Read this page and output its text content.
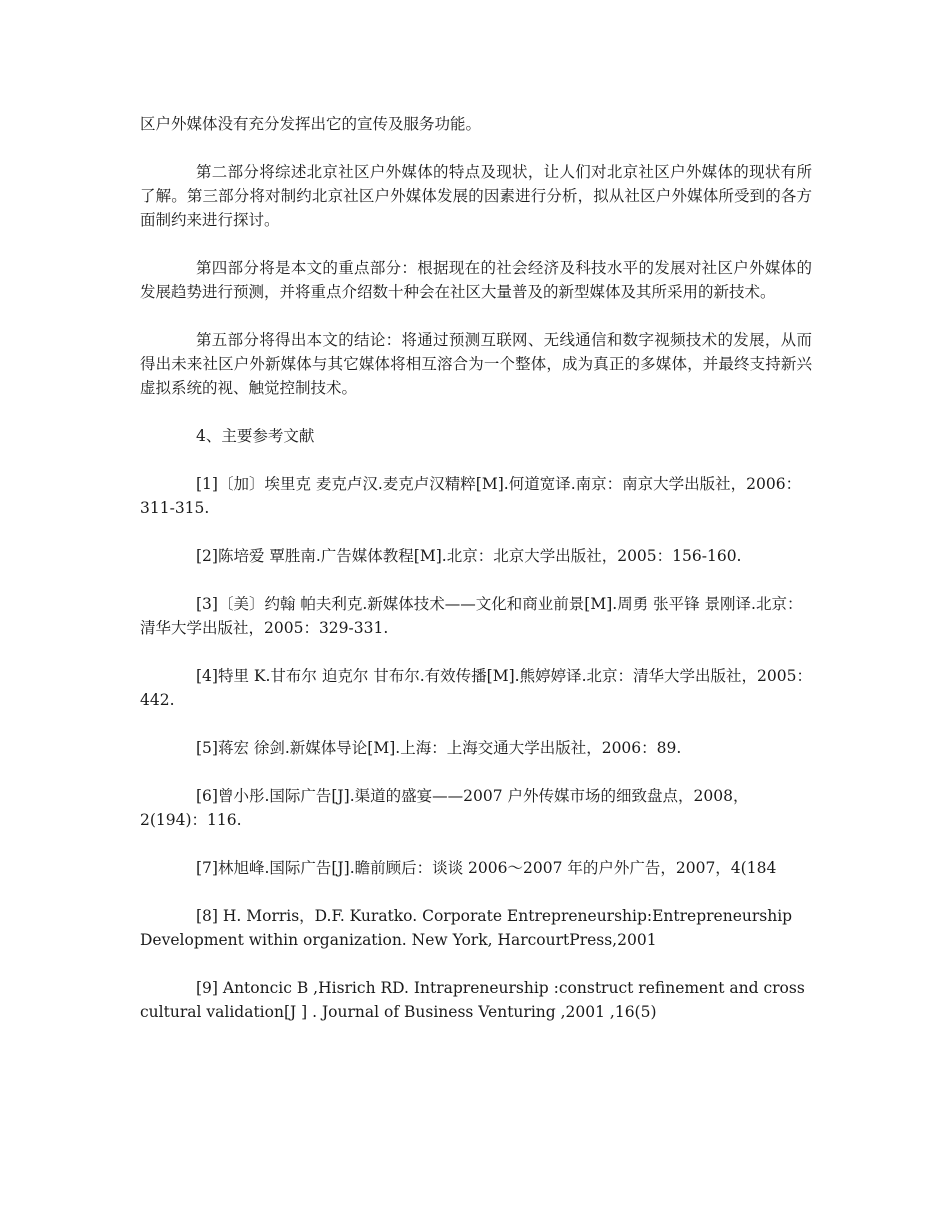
区户外媒体没有充分发挥出它的宣传及服务功能。

第二部分将综述北京社区户外媒体的特点及现状，让人们对北京社区户外媒体的现状有所了解。第三部分将对制约北京社区户外媒体发展的因素进行分析，拟从社区户外媒体所受到的各方面制约来进行探讨。

第四部分将是本文的重点部分：根据现在的社会经济及科技水平的发展对社区户外媒体的发展趋势进行预测，并将重点介绍数十种会在社区大量普及的新型媒体及其所采用的新技术。

第五部分将得出本文的结论：将通过预测互联网、无线通信和数字视频技术的发展，从而得出未来社区户外新媒体与其它媒体将相互溶合为一个整体，成为真正的多媒体，并最终支持新兴虚拟系统的视、触觉控制技术。

4、主要参考文献

[1]〔加〕埃里克 麦克卢汉.麦克卢汉精粹[M].何道宽译.南京：南京大学出版社，2006：311-315.

[2]陈培爱 覃胜南.广告媒体教程[M].北京：北京大学出版社，2005：156-160.

[3]〔美〕约翰 帕夫利克.新媒体技术——文化和商业前景[M].周勇 张平锋 景刚译.北京：清华大学出版社，2005：329-331.

[4]特里 K.甘布尔 迫克尔 甘布尔.有效传播[M].熊婷婷译.北京：清华大学出版社，2005：442.

[5]蒋宏 徐剑.新媒体导论[M].上海：上海交通大学出版社，2006：89.

[6]曾小彤.国际广告[J].渠道的盛宴——2007 户外传媒市场的细致盘点，2008，2(194)：116.

[7]林旭峰.国际广告[J].瞻前顾后：谈谈 2006～2007 年的户外广告，2007，4(184

[8] H. Morris，D.F. Kuratko. Corporate Entrepreneurship:Entrepreneurship Development within organization. New York, HarcourtPress,2001

[9] Antoncic B ,Hisrich RD. Intrapreneurship :construct refinement and cross cultural validation[J ] . Journal of Business Venturing ,2001 ,16(5)
